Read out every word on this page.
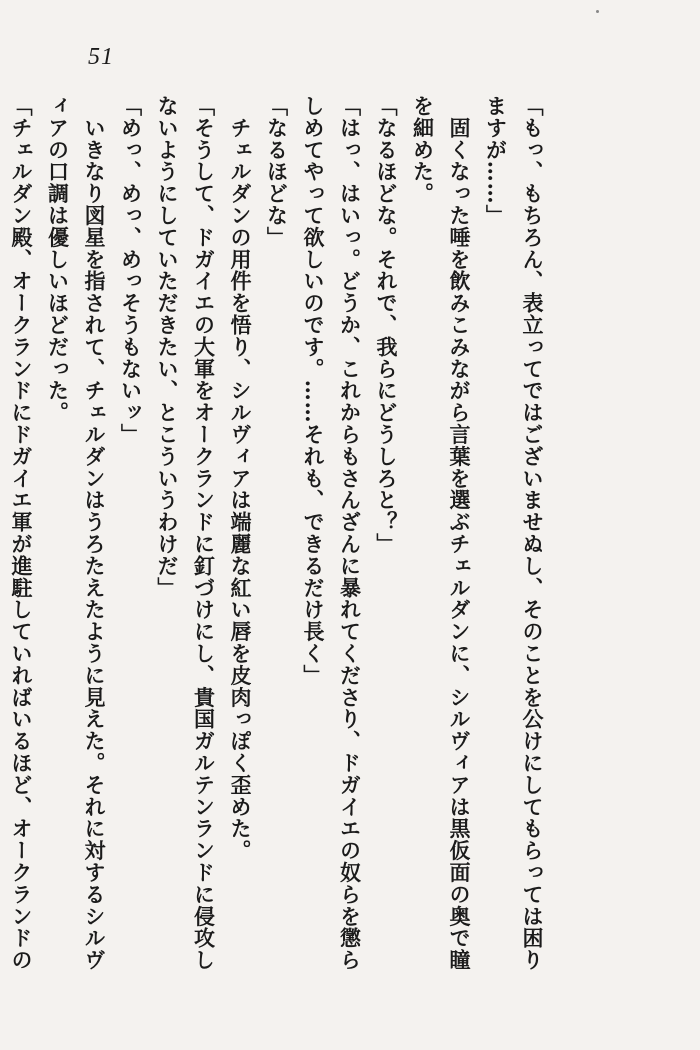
51
「もっ、もちろん、表立ってではございませぬし、そのことを公けにしてもらっては困り
ますが……」
　固くなった唾を飲みこみながら言葉を選ぶチェルダンに、シルヴィアは黒仮面の奥で瞳
を細めた。
「なるほどな。それで、我らにどうしろと？」
「はっ、はいっ。どうか、これからもさんざんに暴れてくださり、ドガイエの奴らを懲ら
しめてやって欲しいのです。……それも、できるだけ長く」
「なるほどな」
　チェルダンの用件を悟り、シルヴィアは端麗な紅い唇を皮肉っぽく歪めた。
「そうして、ドガイエの大軍をオークランドに釘づけにし、貴国ガルテンランドに侵攻し
ないようにしていただきたい、とこういうわけだ」
「めっ、めっ、めっそうもないッ」
　いきなり図星を指されて、チェルダンはうろたえたように見えた。それに対するシルヴ
ィアの口調は優しいほどだった。
「チェルダン殿、オークランドにドガイエ軍が進駐していればいるほど、オークランドの
